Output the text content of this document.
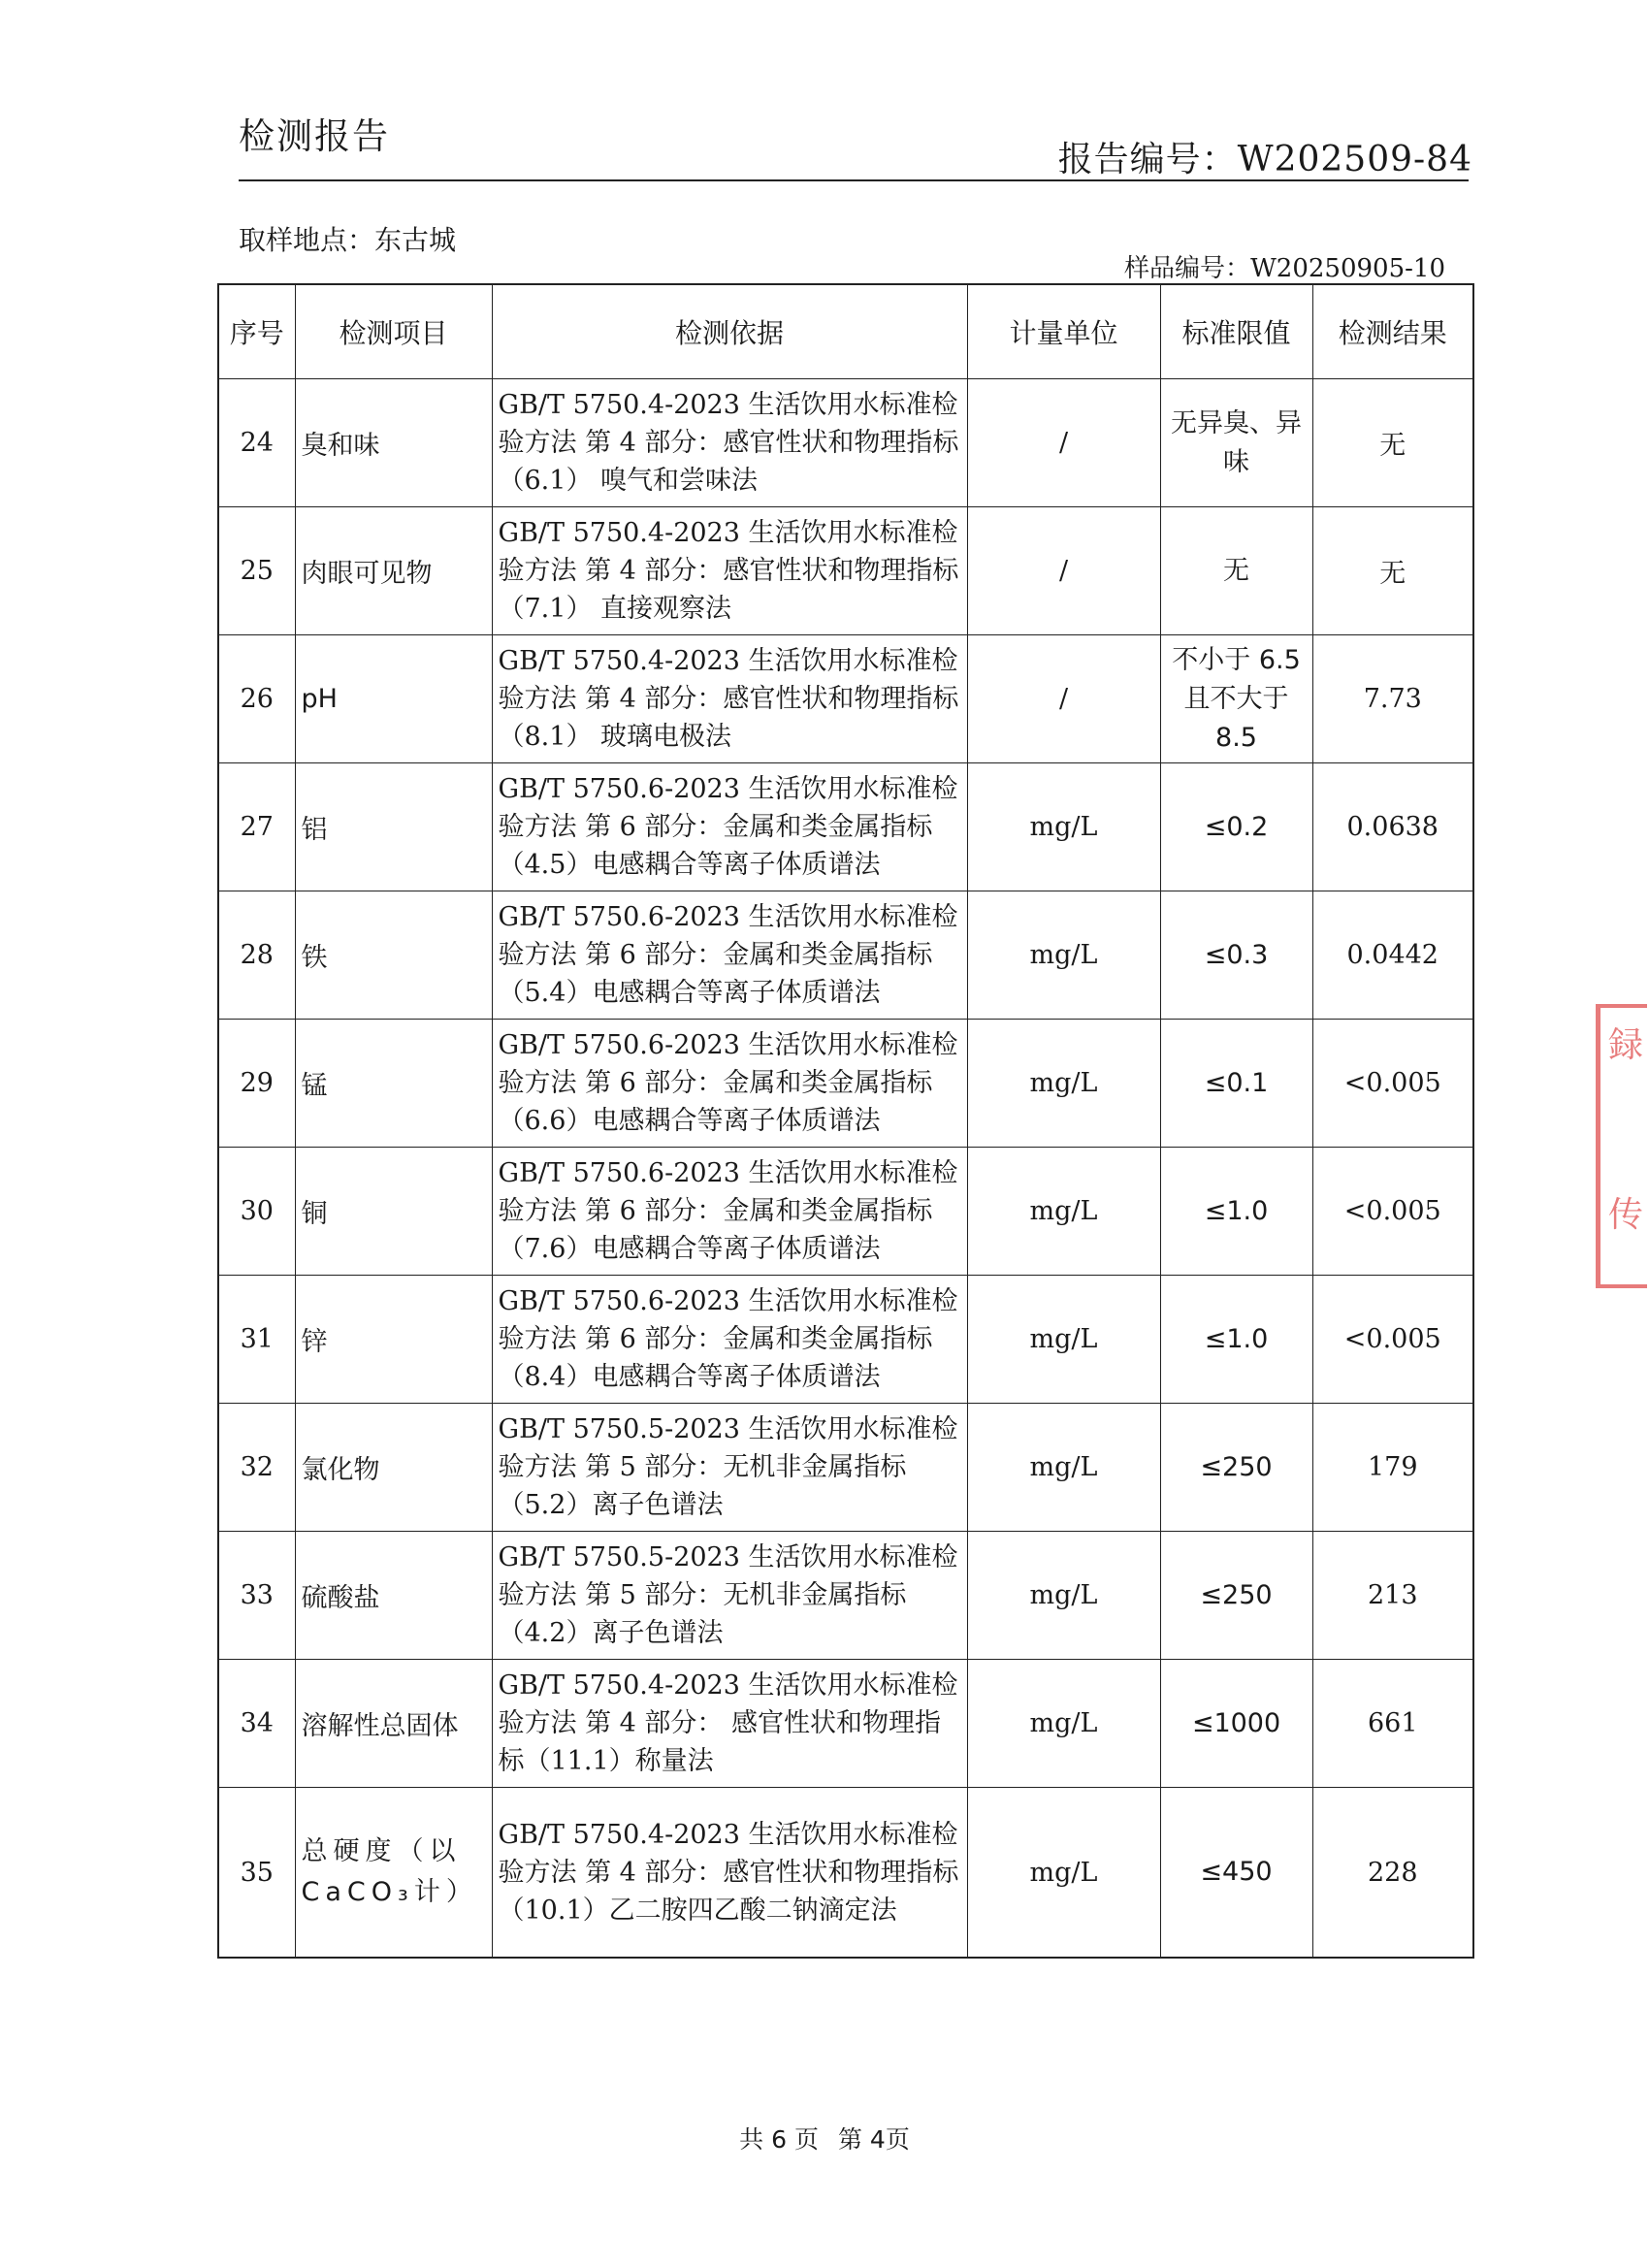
检测报告
报告编号：W202509-84
取样地点：东古城
样品编号：W20250905-10
序号	检测项目	检测依据	计量单位	标准限值	检测结果
24	臭和味	GB/T 5750.4-2023 生活饮用水标准检验方法 第 4 部分：感官性状和物理指标（6.1） 嗅气和尝味法	/	无异臭、异味	无
25	肉眼可见物	GB/T 5750.4-2023 生活饮用水标准检验方法 第 4 部分：感官性状和物理指标（7.1） 直接观察法	/	无	无
26	pH	GB/T 5750.4-2023 生活饮用水标准检验方法 第 4 部分：感官性状和物理指标（8.1） 玻璃电极法	/	不小于 6.5 且不大于 8.5	7.73
27	铝	GB/T 5750.6-2023 生活饮用水标准检验方法 第 6 部分：金属和类金属指标（4.5）电感耦合等离子体质谱法	mg/L	≤0.2	0.0638
28	铁	GB/T 5750.6-2023 生活饮用水标准检验方法 第 6 部分：金属和类金属指标（5.4）电感耦合等离子体质谱法	mg/L	≤0.3	0.0442
29	锰	GB/T 5750.6-2023 生活饮用水标准检验方法 第 6 部分：金属和类金属指标（6.6）电感耦合等离子体质谱法	mg/L	≤0.1	<0.005
30	铜	GB/T 5750.6-2023 生活饮用水标准检验方法 第 6 部分：金属和类金属指标（7.6）电感耦合等离子体质谱法	mg/L	≤1.0	<0.005
31	锌	GB/T 5750.6-2023 生活饮用水标准检验方法 第 6 部分：金属和类金属指标（8.4）电感耦合等离子体质谱法	mg/L	≤1.0	<0.005
32	氯化物	GB/T 5750.5-2023 生活饮用水标准检验方法 第 5 部分：无机非金属指标（5.2）离子色谱法	mg/L	≤250	179
33	硫酸盐	GB/T 5750.5-2023 生活饮用水标准检验方法 第 5 部分：无机非金属指标（4.2）离子色谱法	mg/L	≤250	213
34	溶解性总固体	GB/T 5750.4-2023 生活饮用水标准检验方法 第 4 部分： 感官性状和物理指标（11.1）称量法	mg/L	≤1000	661
35	总硬度（以CaCO₃计）	GB/T 5750.4-2023 生活饮用水标准检验方法 第 4 部分：感官性状和物理指标 （10.1）乙二胺四乙酸二钠滴定法	mg/L	≤450	228
共 6 页 第 4页
録
传
